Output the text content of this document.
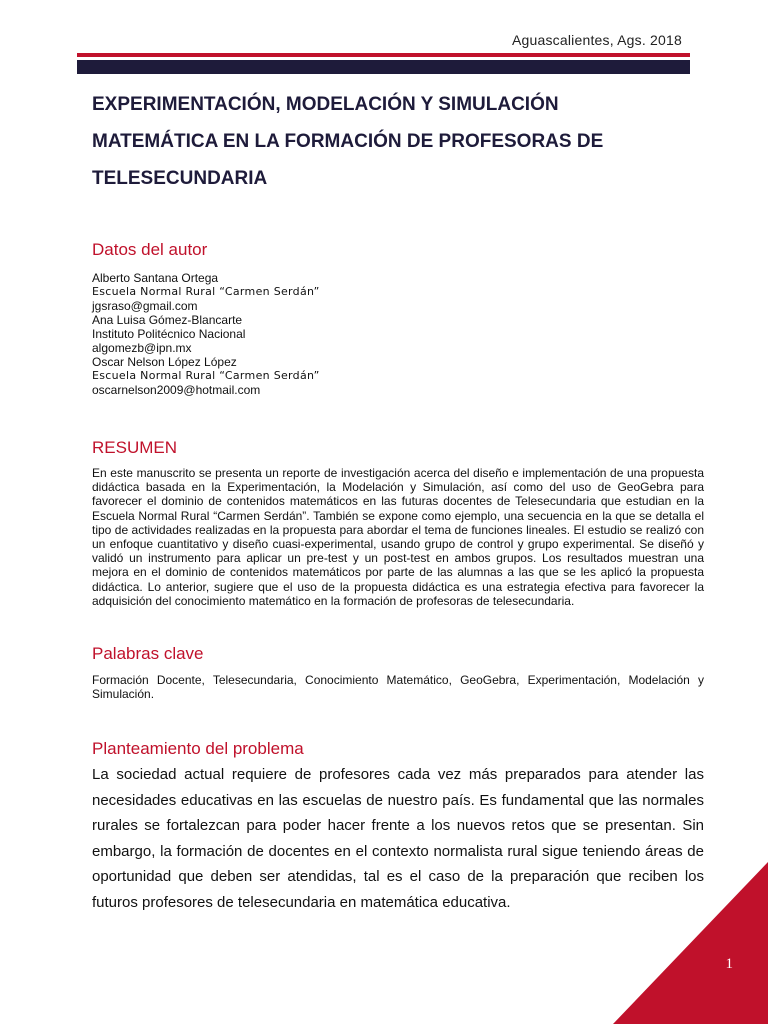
Aguascalientes, Ags. 2018
EXPERIMENTACIÓN, MODELACIÓN Y SIMULACIÓN
MATEMÁTICA EN LA FORMACIÓN DE PROFESORAS DE
TELESECUNDARIA
Datos del autor
Alberto Santana Ortega
Escuela Normal Rural “Carmen Serdán”
jgsraso@gmail.com
Ana Luisa Gómez-Blancarte
Instituto Politécnico Nacional
algomezb@ipn.mx
Oscar Nelson López López
Escuela Normal Rural “Carmen Serdán”
oscarnelson2009@hotmail.com
RESUMEN

En este manuscrito se presenta un reporte de investigación acerca del diseño e implementación de una propuesta didáctica basada en la Experimentación, la Modelación y Simulación, así como del uso de GeoGebra para favorecer el dominio de contenidos matemáticos en las futuras docentes de Telesecundaria que estudian en la Escuela Normal Rural “Carmen Serdán”. También se expone como ejemplo, una secuencia en la que se detalla el tipo de actividades realizadas en la propuesta para abordar el tema de funciones lineales. El estudio se realizó con un enfoque cuantitativo y diseño cuasi-experimental, usando grupo de control y grupo experimental. Se diseñó y validó un instrumento para aplicar un pre-test y un post-test en ambos grupos. Los resultados muestran una mejora en el dominio de contenidos matemáticos por parte de las alumnas a las que se les aplicó la propuesta didáctica. Lo anterior, sugiere que el uso de la propuesta didáctica es una estrategia efectiva para favorecer la adquisición del conocimiento matemático en la formación de profesoras de telesecundaria.

Palabras clave

Formación Docente, Telesecundaria, Conocimiento Matemático, GeoGebra, Experimentación, Modelación y Simulación.

Planteamiento del problema

La sociedad actual requiere de profesores cada vez más preparados para atender las necesidades educativas en las escuelas de nuestro país. Es fundamental que las normales rurales se fortalezcan para poder hacer frente a los nuevos retos que se presentan. Sin embargo, la formación de docentes en el contexto normalista rural sigue teniendo áreas de oportunidad que deben ser atendidas, tal es el caso de la preparación que reciben los futuros profesores de telesecundaria en matemática educativa.

1
